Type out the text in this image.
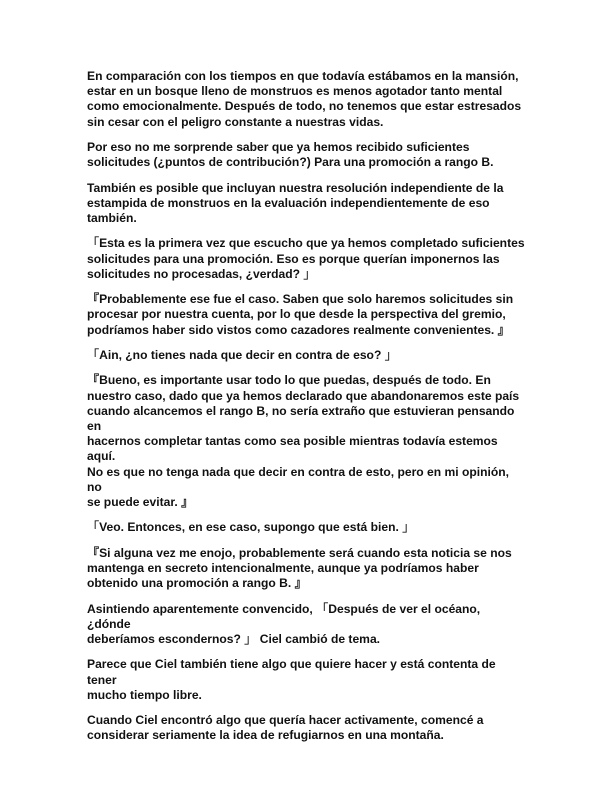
En comparación con los tiempos en que todavía estábamos en la mansión,
estar en un bosque lleno de monstruos es menos agotador tanto mental
como emocionalmente. Después de todo, no tenemos que estar estresados
sin cesar con el peligro constante a nuestras vidas.

Por eso no me sorprende saber que ya hemos recibido suficientes
solicitudes (¿puntos de contribución?) Para una promoción a rango B.

También es posible que incluyan nuestra resolución independiente de la
estampida de monstruos en la evaluación independientemente de eso
también.

「Esta es la primera vez que escucho que ya hemos completado suficientes
solicitudes para una promoción. Eso es porque querían imponernos las
solicitudes no procesadas, ¿verdad? 」

『Probablemente ese fue el caso. Saben que solo haremos solicitudes sin
procesar por nuestra cuenta, por lo que desde la perspectiva del gremio,
podríamos haber sido vistos como cazadores realmente convenientes. 』

「Ain, ¿no tienes nada que decir en contra de eso? 」

『Bueno, es importante usar todo lo que puedas, después de todo. En
nuestro caso, dado que ya hemos declarado que abandonaremos este país
cuando alcancemos el rango B, no sería extraño que estuvieran pensando en
hacernos completar tantas como sea posible mientras todavía estemos aquí.
No es que no tenga nada que decir en contra de esto, pero en mi opinión, no
se puede evitar. 』

「Veo. Entonces, en ese caso, supongo que está bien. 」

『Si alguna vez me enojo, probablemente será cuando esta noticia se nos
mantenga en secreto intencionalmente, aunque ya podríamos haber
obtenido una promoción a rango B. 』

Asintiendo aparentemente convencido, 「Después de ver el océano, ¿dónde
deberíamos escondernos? 」 Ciel cambió de tema.

Parece que Ciel también tiene algo que quiere hacer y está contenta de tener
mucho tiempo libre.

Cuando Ciel encontró algo que quería hacer activamente, comencé a
considerar seriamente la idea de refugiarnos en una montaña.
